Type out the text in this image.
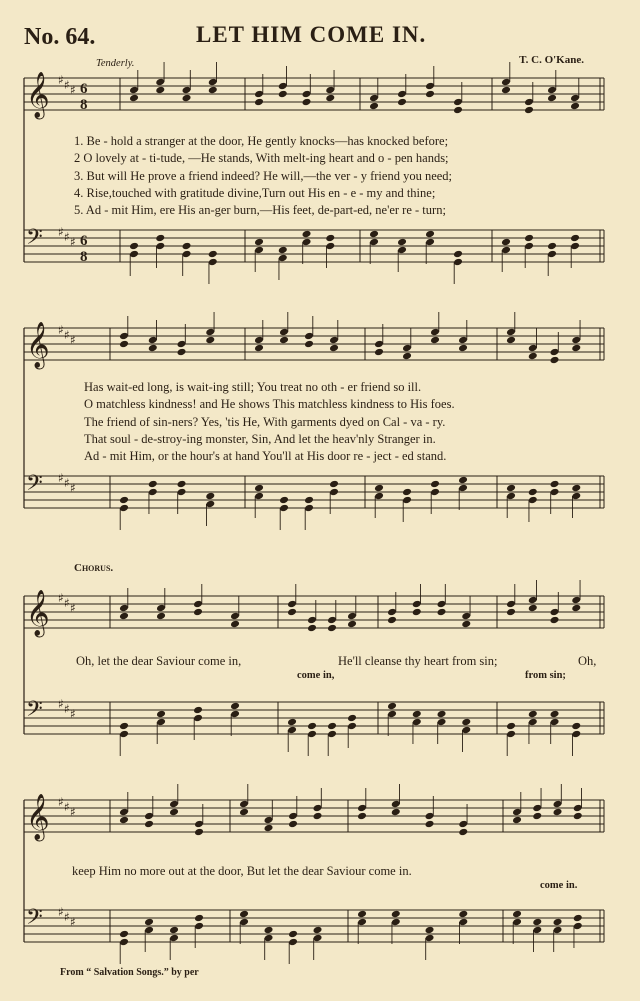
𝄞 ♯ ♯ ♯ 6
8
𝄢 ♯ ♯ ♯ 6
8
𝄞 ♯ ♯ ♯
𝄢 ♯ ♯ ♯
𝄞 ♯ ♯ ♯
𝄢 ♯ ♯ ♯
𝄞 ♯ ♯ ♯
𝄢 ♯ ♯ ♯
No. 64.	LET HIM COME IN.
T. C. O'Kane.
Tenderly.
1. Be - hold a stranger at the door, He gently knocks—has knocked before;
2 O lovely at - ti-tude, —He stands, With melt-ing heart and o - pen hands;
3. But will He prove a friend indeed? He will,—the ver - y friend you need;
4. Rise,touched with gratitude divine,Turn out His en - e - my and thine;
5. Ad - mit Him, ere His an-ger burn,—His feet, de-part-ed, ne'er re - turn;
Has wait-ed long, is wait-ing still; You treat no oth - er friend so ill.
O matchless kindness! and He shows This matchless kindness to His foes.
The friend of sin-ners? Yes, 'tis He, With garments dyed on Cal - va - ry.
That soul - de-stroy-ing monster, Sin, And let the heav'nly Stranger in.
Ad - mit Him, or the hour's at hand You'll at His door re - ject - ed stand.
Chorus.
Oh, let the dear Saviour come in,	He'll cleanse thy heart from sin;	Oh,
come in,	from sin;
keep Him no more out at the door, But let the dear Saviour come in.
come in.
From “ Salvation Songs.” by per
